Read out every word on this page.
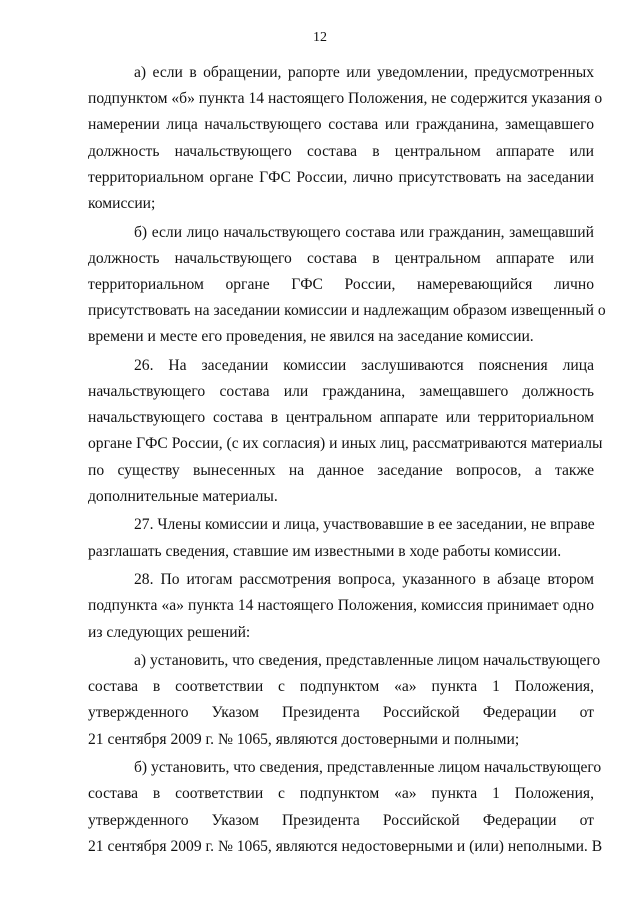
12
а) если в обращении, рапорте или уведомлении, предусмотренных
подпунктом «б» пункта 14 настоящего Положения, не содержится указания о
намерении лица начальствующего состава или гражданина, замещавшего
должность начальствующего состава в центральном аппарате или
территориальном органе ГФС России, лично присутствовать на заседании
комиссии;
б) если лицо начальствующего состава или гражданин, замещавший
должность начальствующего состава в центральном аппарате или
территориальном органе ГФС России, намеревающийся лично
присутствовать на заседании комиссии и надлежащим образом извещенный о
времени и месте его проведения, не явился на заседание комиссии.
26. На заседании комиссии заслушиваются пояснения лица
начальствующего состава или гражданина, замещавшего должность
начальствующего состава в центральном аппарате или территориальном
органе ГФС России, (с их согласия) и иных лиц, рассматриваются материалы
по существу вынесенных на данное заседание вопросов, а также
дополнительные материалы.
27. Члены комиссии и лица, участвовавшие в ее заседании, не вправе
разглашать сведения, ставшие им известными в ходе работы комиссии.
28. По итогам рассмотрения вопроса, указанного в абзаце втором
подпункта «а» пункта 14 настоящего Положения, комиссия принимает одно
из следующих решений:
а) установить, что сведения, представленные лицом начальствующего
состава в соответствии с подпунктом «а» пункта 1 Положения,
утвержденного Указом Президента Российской Федерации от
21 сентября 2009 г. № 1065, являются достоверными и полными;
б) установить, что сведения, представленные лицом начальствующего
состава в соответствии с подпунктом «а» пункта 1 Положения,
утвержденного Указом Президента Российской Федерации от
21 сентября 2009 г. № 1065, являются недостоверными и (или) неполными. В
